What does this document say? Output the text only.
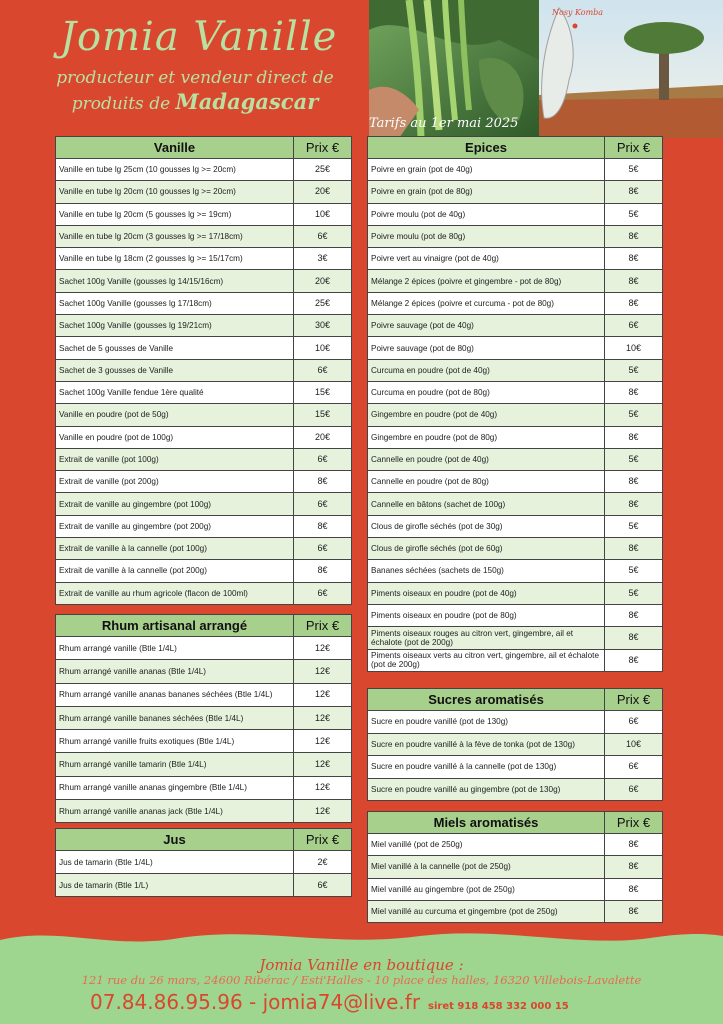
Jomia Vanille
producteur et vendeur direct de
produits de Madagascar
Nosy Komba
Tarifs au 1er mai 2025
Vanille	Prix €
Vanille en tube lg 25cm (10 gousses lg >= 20cm)	25€
Vanille en tube lg 20cm (10 gousses lg >= 20cm)	20€
Vanille en tube lg 20cm (5 gousses lg >= 19cm)	10€
Vanille en tube lg 20cm (3 gousses lg >= 17/18cm)	6€
Vanille en tube lg 18cm (2 gousses lg >= 15/17cm)	3€
Sachet 100g Vanille (gousses lg 14/15/16cm)	20€
Sachet 100g Vanille (gousses lg 17/18cm)	25€
Sachet 100g Vanille (gousses lg 19/21cm)	30€
Sachet de 5 gousses de Vanille	10€
Sachet de 3 gousses de Vanille	6€
Sachet 100g Vanille fendue 1ère qualité	15€
Vanille en poudre (pot de 50g)	15€
Vanille en poudre (pot de 100g)	20€
Extrait de vanille (pot 100g)	6€
Extrait de vanille (pot 200g)	8€
Extrait de vanille au gingembre (pot 100g)	6€
Extrait de vanille au gingembre (pot 200g)	8€
Extrait de vanille à la cannelle (pot 100g)	6€
Extrait de vanille à la cannelle (pot 200g)	8€
Extrait de vanille au rhum agricole (flacon de 100ml)	6€
Rhum artisanal arrangé	Prix €
Rhum arrangé vanille (Btle 1/4L)	12€
Rhum arrangé vanille ananas (Btle 1/4L)	12€
Rhum arrangé vanille ananas bananes séchées (Btle 1/4L)	12€
Rhum arrangé vanille bananes séchées (Btle 1/4L)	12€
Rhum arrangé vanille fruits exotiques (Btle 1/4L)	12€
Rhum arrangé vanille tamarin (Btle 1/4L)	12€
Rhum arrangé vanille ananas gingembre (Btle 1/4L)	12€
Rhum arrangé vanille ananas jack (Btle 1/4L)	12€
Jus	Prix €
Jus de tamarin (Btle 1/4L)	2€
Jus de tamarin (Btle 1/L)	6€
Epices	Prix €
Poivre en grain (pot de 40g)	5€
Poivre en grain (pot de 80g)	8€
Poivre moulu (pot de 40g)	5€
Poivre moulu (pot de 80g)	8€
Poivre vert au vinaigre (pot de 40g)	8€
Mélange 2 épices (poivre et gingembre - pot de 80g)	8€
Mélange 2 épices (poivre et curcuma - pot de 80g)	8€
Poivre sauvage (pot de 40g)	6€
Poivre sauvage (pot de 80g)	10€
Curcuma en poudre (pot de 40g)	5€
Curcuma en poudre (pot de 80g)	8€
Gingembre en poudre (pot de 40g)	5€
Gingembre en poudre (pot de 80g)	8€
Cannelle en poudre (pot de 40g)	5€
Cannelle en poudre (pot de 80g)	8€
Cannelle en bâtons (sachet de 100g)	8€
Clous de girofle séchés (pot de 30g)	5€
Clous de girofle séchés (pot de 60g)	8€
Bananes séchées (sachets de 150g)	5€
Piments oiseaux en poudre (pot de 40g)	5€
Piments oiseaux en poudre (pot de 80g)	8€
Piments oiseaux rouges au citron vert, gingembre, ail et échalote (pot de 200g)	8€
Piments oiseaux verts au citron vert, gingembre, ail et échalote (pot de 200g)	8€
Sucres aromatisés	Prix €
Sucre en poudre vanillé (pot de 130g)	6€
Sucre en poudre vanillé à la fève de tonka (pot de 130g)	10€
Sucre en poudre vanillé à la cannelle (pot de 130g)	6€
Sucre en poudre vanillé au gingembre (pot de 130g)	6€
Miels aromatisés	Prix €
Miel vanillé (pot de 250g)	8€
Miel vanillé à la cannelle (pot de 250g)	8€
Miel vanillé au gingembre (pot de 250g)	8€
Miel vanillé au curcuma et gingembre (pot de 250g)	8€
Jomia Vanille en boutique :
121 rue du 26 mars, 24600 Ribérac / Esti'Halles - 10 place des halles, 16320 Villebois-Lavalette
07.84.86.95.96 - jomia74@live.fr siret 918 458 332 000 15
